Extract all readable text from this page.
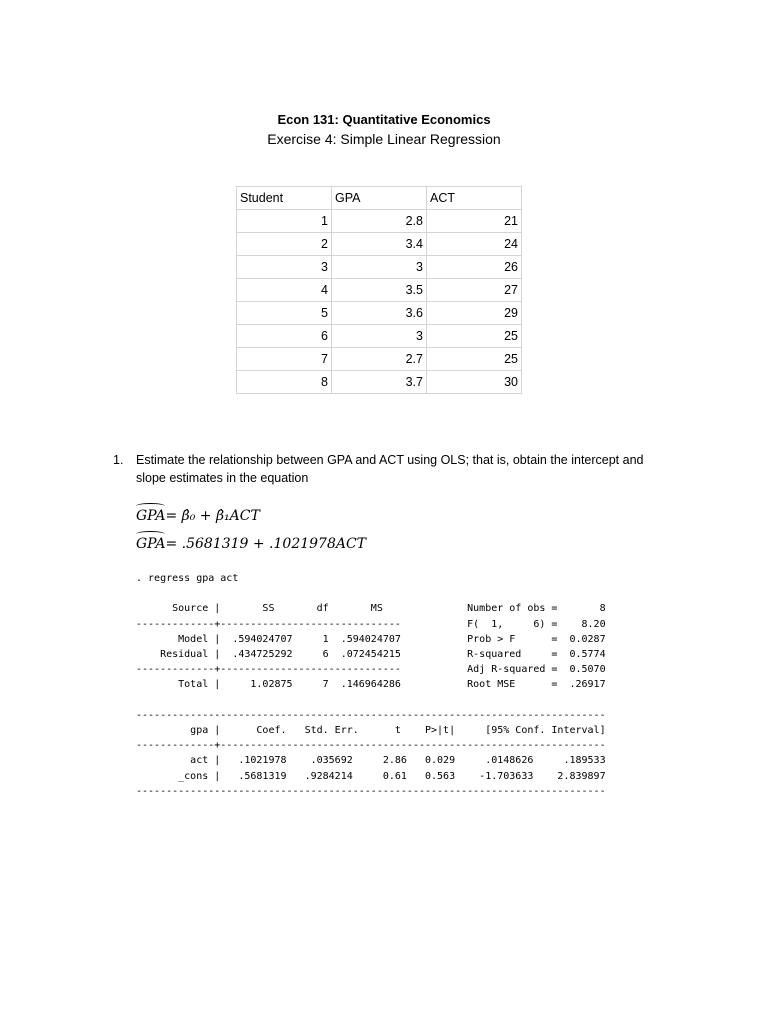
Econ 131: Quantitative Economics
Exercise 4: Simple Linear Regression
Student	GPA	ACT
1	2.8	21
2	3.4	24
3	3	26
4	3.5	27
5	3.6	29
6	3	25
7	2.7	25
8	3.7	30
1. Estimate the relationship between GPA and ACT using OLS; that is, obtain the intercept and slope estimates in the equation
GPA= β̂₀ + β̂₁ACT
GPA= .5681319 + .1021978ACT
. regress gpa act

Source |       SS       df       MS              Number of obs =       8
-------------+------------------------------           F(  1,     6) =    8.20
Model |  .594024707     1  .594024707           Prob > F      =  0.0287
Residual |  .434725292     6  .072454215           R-squared     =  0.5774
-------------+------------------------------           Adj R-squared =  0.5070
Total |     1.02875     7  .146964286           Root MSE      =  .26917

------------------------------------------------------------------------------
gpa |      Coef.   Std. Err.      t    P>|t|     [95% Conf. Interval]
-------------+----------------------------------------------------------------
act |   .1021978    .035692     2.86   0.029     .0148626     .189533
_cons |   .5681319   .9284214     0.61   0.563    -1.703633    2.839897
------------------------------------------------------------------------------
